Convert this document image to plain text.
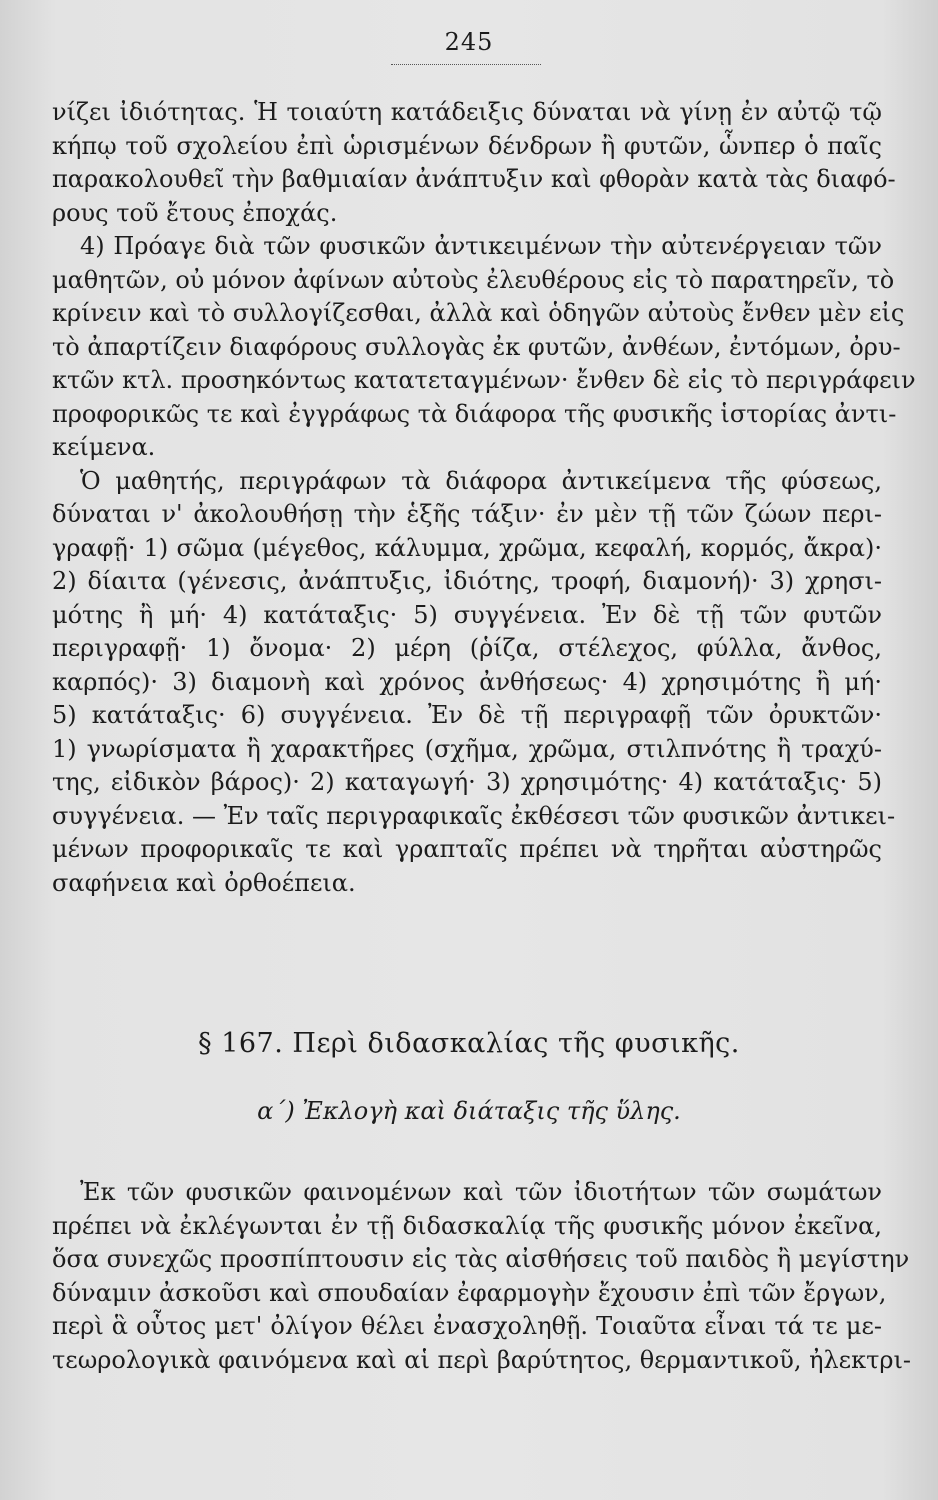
245
νίζει ἰδιότητας. Ἡ τοιαύτη κατάδειξις δύναται νὰ γίνῃ ἐν αὐτῷ τῷ
κήπῳ τοῦ σχολείου ἐπὶ ὡρισμένων δένδρων ἢ φυτῶν, ὧνπερ ὁ παῖς
παρακολουθεῖ τὴν βαθμιαίαν ἀνάπτυξιν καὶ φθορὰν κατὰ τὰς διαφό-
ρους τοῦ ἔτους ἐποχάς.
4) Πρόαγε διὰ τῶν φυσικῶν ἀντικειμένων τὴν αὐτενέργειαν τῶν
μαθητῶν, οὐ μόνον ἀφίνων αὐτοὺς ἐλευθέρους εἰς τὸ παρατηρεῖν, τὸ
κρίνειν καὶ τὸ συλλογίζεσθαι, ἀλλὰ καὶ ὁδηγῶν αὐτοὺς ἔνθεν μὲν εἰς
τὸ ἀπαρτίζειν διαφόρους συλλογὰς ἐκ φυτῶν, ἀνθέων, ἐντόμων, ὀρυ-
κτῶν κτλ. προσηκόντως κατατεταγμένων· ἔνθεν δὲ εἰς τὸ περιγράφειν
προφορικῶς τε καὶ ἐγγράφως τὰ διάφορα τῆς φυσικῆς ἱστορίας ἀντι-
κείμενα.
Ὁ μαθητής, περιγράφων τὰ διάφορα ἀντικείμενα τῆς φύσεως,
δύναται ν' ἀκολουθήσῃ τὴν ἑξῆς τάξιν· ἐν μὲν τῇ τῶν ζώων περι-
γραφῇ· 1) σῶμα (μέγεθος, κάλυμμα, χρῶμα, κεφαλή, κορμός, ἄκρα)·
2) δίαιτα (γένεσις, ἀνάπτυξις, ἰδιότης, τροφή, διαμονή)· 3) χρησι-
μότης ἢ μή· 4) κατάταξις· 5) συγγένεια. Ἐν δὲ τῇ τῶν φυτῶν
περιγραφῇ· 1) ὄνομα· 2) μέρη (ῥίζα, στέλεχος, φύλλα, ἄνθος,
καρπός)· 3) διαμονὴ καὶ χρόνος ἀνθήσεως· 4) χρησιμότης ἢ μή·
5) κατάταξις· 6) συγγένεια. Ἐν δὲ τῇ περιγραφῇ τῶν ὀρυκτῶν·
1) γνωρίσματα ἢ χαρακτῆρες (σχῆμα, χρῶμα, στιλπνότης ἢ τραχύ-
της, εἰδικὸν βάρος)· 2) καταγωγή· 3) χρησιμότης· 4) κατάταξις· 5)
συγγένεια. — Ἐν ταῖς περιγραφικαῖς ἐκθέσεσι τῶν φυσικῶν ἀντικει-
μένων προφορικαῖς τε καὶ γραπταῖς πρέπει νὰ τηρῆται αὐστηρῶς
σαφήνεια καὶ ὀρθοέπεια.
§ 167. Περὶ διδασκαλίας τῆς φυσικῆς.
α΄) Ἐκλογὴ καὶ διάταξις τῆς ὕλης.
Ἐκ τῶν φυσικῶν φαινομένων καὶ τῶν ἰδιοτήτων τῶν σωμάτων
πρέπει νὰ ἐκλέγωνται ἐν τῇ διδασκαλίᾳ τῆς φυσικῆς μόνον ἐκεῖνα,
ὅσα συνεχῶς προσπίπτουσιν εἰς τὰς αἰσθήσεις τοῦ παιδὸς ἢ μεγίστην
δύναμιν ἀσκοῦσι καὶ σπουδαίαν ἐφαρμογὴν ἔχουσιν ἐπὶ τῶν ἔργων,
περὶ ἃ οὗτος μετ' ὀλίγον θέλει ἐνασχοληθῇ. Τοιαῦτα εἶναι τά τε με-
τεωρολογικὰ φαινόμενα καὶ αἱ περὶ βαρύτητος, θερμαντικοῦ, ἠλεκτρι-
